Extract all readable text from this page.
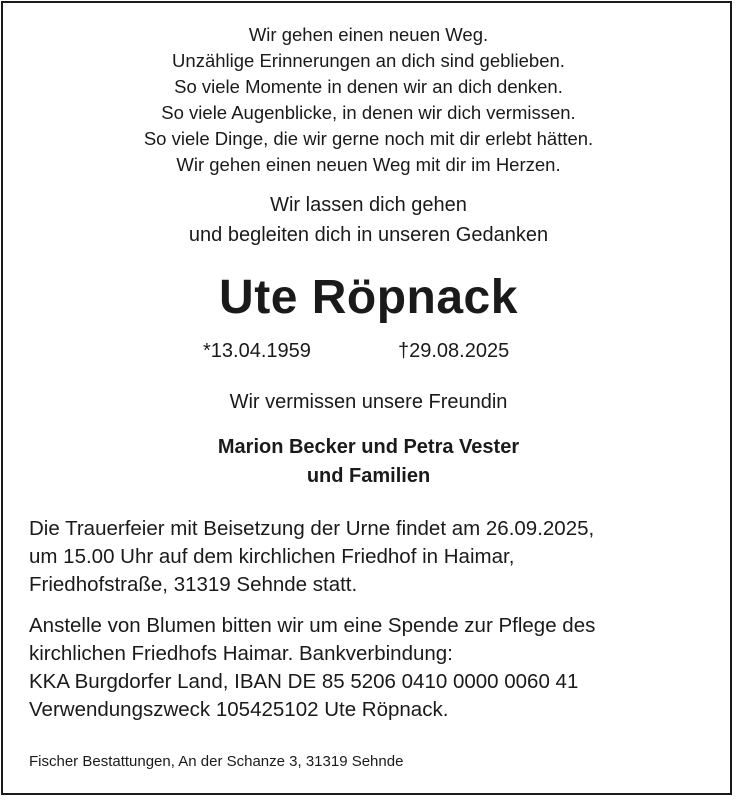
Wir gehen einen neuen Weg.
Unzählige Erinnerungen an dich sind geblieben.
So viele Momente in denen wir an dich denken.
So viele Augenblicke, in denen wir dich vermissen.
So viele Dinge, die wir gerne noch mit dir erlebt hätten.
Wir gehen einen neuen Weg mit dir im Herzen.
Wir lassen dich gehen
und begleiten dich in unseren Gedanken
Ute Röpnack
*13.04.1959	†29.08.2025
Wir vermissen unsere Freundin
Marion Becker und Petra Vester
und Familien
Die Trauerfeier mit Beisetzung der Urne findet am 26.09.2025,
um 15.00 Uhr auf dem kirchlichen Friedhof in Haimar,
Friedhofstraße, 31319 Sehnde statt.
Anstelle von Blumen bitten wir um eine Spende zur Pflege des
kirchlichen Friedhofs Haimar. Bankverbindung:
KKA Burgdorfer Land, IBAN DE 85 5206 0410 0000 0060 41
Verwendungszweck 105425102 Ute Röpnack.
Fischer Bestattungen, An der Schanze 3, 31319 Sehnde
